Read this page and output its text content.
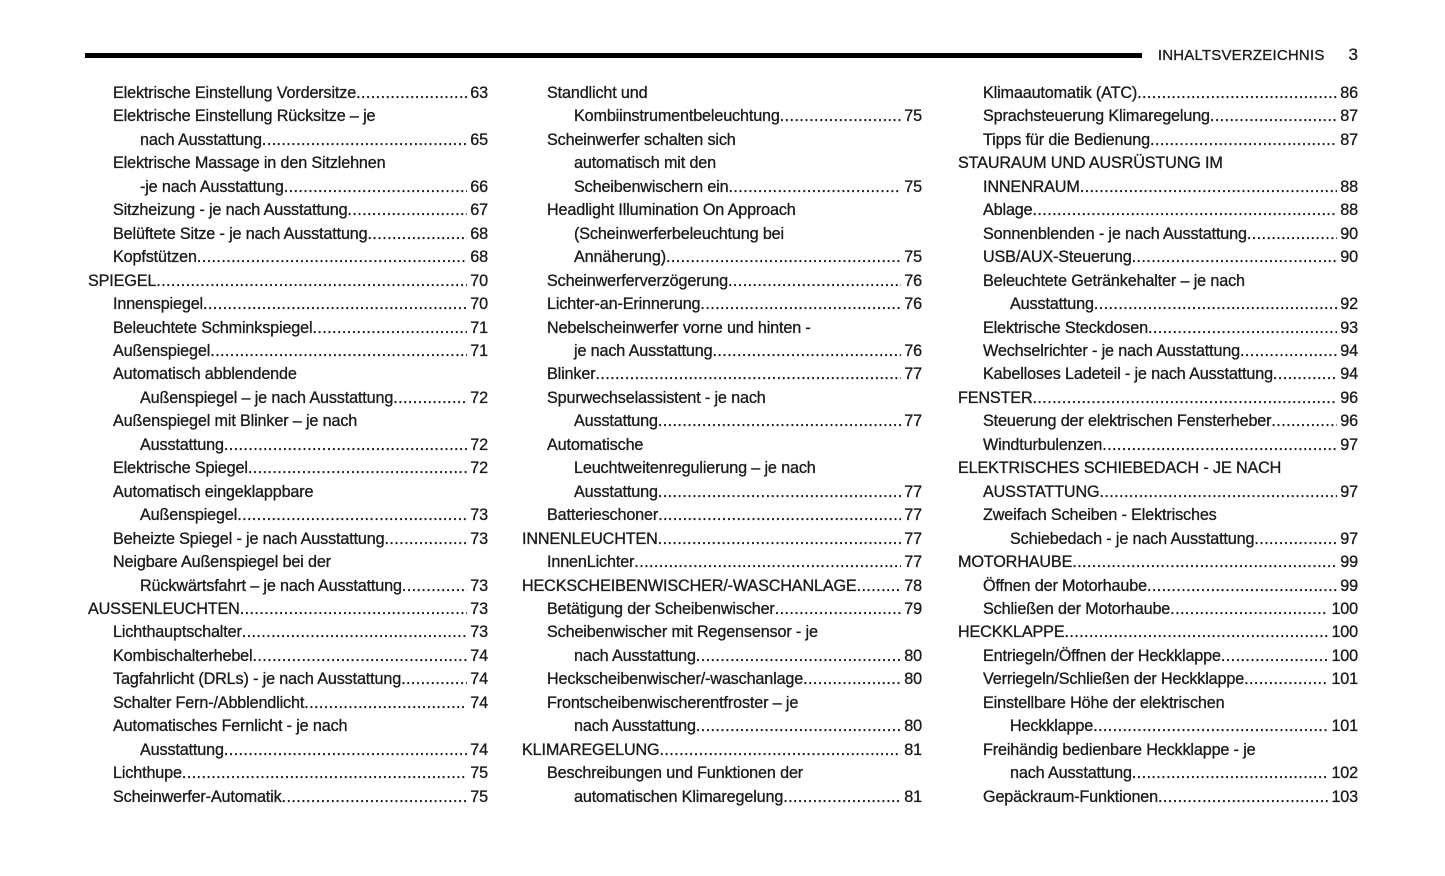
INHALTSVERZEICHNIS 3
Elektrische Einstellung Vordersitze .....	63
Elektrische Einstellung Rücksitze – je
nach Ausstattung .....	65
Elektrische Massage in den Sitzlehnen
-je nach Ausstattung .....	66
Sitzheizung - je nach Ausstattung .....	67
Belüftete Sitze - je nach Ausstattung .....	68
Kopfstützen .....	68
SPIEGEL .....	70
Innenspiegel .....	70
Beleuchtete Schminkspiegel .....	71
Außenspiegel .....	71
Automatisch abblendende
Außenspiegel – je nach Ausstattung .....	72
Außenspiegel mit Blinker – je nach
Ausstattung .....	72
Elektrische Spiegel .....	72
Automatisch eingeklappbare
Außenspiegel .....	73
Beheizte Spiegel - je nach Ausstattung .....	73
Neigbare Außenspiegel bei der
Rückwärtsfahrt – je nach Ausstattung .....	73
AUSSENLEUCHTEN .....	73
Lichthauptschalter .....	73
Kombischalterhebel .....	74
Tagfahrlicht (DRLs) - je nach Ausstattung .....	74
Schalter Fern-/Abblendlicht .....	74
Automatisches Fernlicht - je nach
Ausstattung .....	74
Lichthupe .....	75
Scheinwerfer-Automatik .....	75
Standlicht und
Kombiinstrumentbeleuchtung .....	75
Scheinwerfer schalten sich
automatisch mit den
Scheibenwischern ein .....	75
Headlight Illumination On Approach
(Scheinwerferbeleuchtung bei
Annäherung) .....	75
Scheinwerferverzögerung .....	76
Lichter-an-Erinnerung .....	76
Nebelscheinwerfer vorne und hinten -
je nach Ausstattung .....	76
Blinker .....	77
Spurwechselassistent - je nach
Ausstattung .....	77
Automatische
Leuchtweitenregulierung – je nach
Ausstattung .....	77
Batterieschoner .....	77
INNENLEUCHTEN .....	77
InnenLichter .....	77
HECKSCHEIBENWISCHER/-WASCHANLAGE .....	78
Betätigung der Scheibenwischer .....	79
Scheibenwischer mit Regensensor - je
nach Ausstattung .....	80
Heckscheibenwischer/-waschanlage .....	80
Frontscheibenwischerentfroster – je
nach Ausstattung .....	80
KLIMAREGELUNG .....	81
Beschreibungen und Funktionen der
automatischen Klimaregelung .....	81
Klimaautomatik (ATC) .....	86
Sprachsteuerung Klimaregelung .....	87
Tipps für die Bedienung .....	87
STAURAUM UND AUSRÜSTUNG IM
INNENRAUM .....	88
Ablage .....	88
Sonnenblenden - je nach Ausstattung .....	90
USB/AUX-Steuerung .....	90
Beleuchtete Getränkehalter – je nach
Ausstattung .....	92
Elektrische Steckdosen .....	93
Wechselrichter - je nach Ausstattung .....	94
Kabelloses Ladeteil - je nach Ausstattung .....	94
FENSTER .....	96
Steuerung der elektrischen Fensterheber .....	96
Windturbulenzen .....	97
ELEKTRISCHES SCHIEBEDACH - JE NACH
AUSSTATTUNG .....	97
Zweifach Scheiben - Elektrisches
Schiebedach - je nach Ausstattung .....	97
MOTORHAUBE .....	99
Öffnen der Motorhaube .....	99
Schließen der Motorhaube .....	100
HECKKLAPPE .....	100
Entriegeln/Öffnen der Heckklappe .....	100
Verriegeln/Schließen der Heckklappe .....	101
Einstellbare Höhe der elektrischen
Heckklappe .....	101
Freihändig bedienbare Heckklappe - je
nach Ausstattung .....	102
Gepäckraum-Funktionen .....	103
